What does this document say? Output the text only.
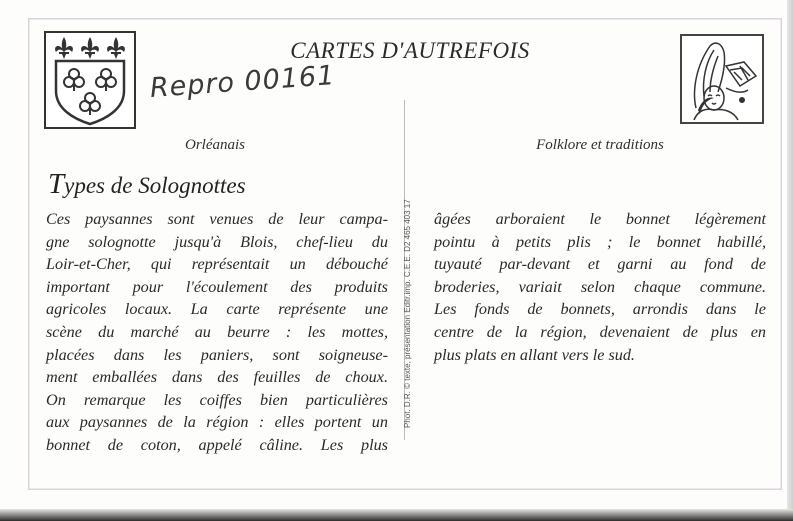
CARTES D'AUTREFOIS
Repro 00161
Phot. D.R. © texte, présentation Editr.imp. C.E.E. D2 465 403 17
Orléanais	Folklore et traditions
Types de Solognottes
Ces paysannes sont venues de leur campa-
gne solognotte jusqu'à Blois, chef-lieu du
Loir-et-Cher, qui représentait un débouché
important pour l'écoulement des produits
agricoles locaux. La carte représente une
scène du marché au beurre : les mottes,
placées dans les paniers, sont soigneuse-
ment emballées dans des feuilles de choux.
On remarque les coiffes bien particulières
aux paysannes de la région : elles portent un
bonnet de coton, appelé câline. Les plus
âgées arboraient le bonnet légèrement
pointu à petits plis ; le bonnet habillé,
tuyauté par-devant et garni au fond de
broderies, variait selon chaque commune.
Les fonds de bonnets, arrondis dans le
centre de la région, devenaient de plus en
plus plats en allant vers le sud.
